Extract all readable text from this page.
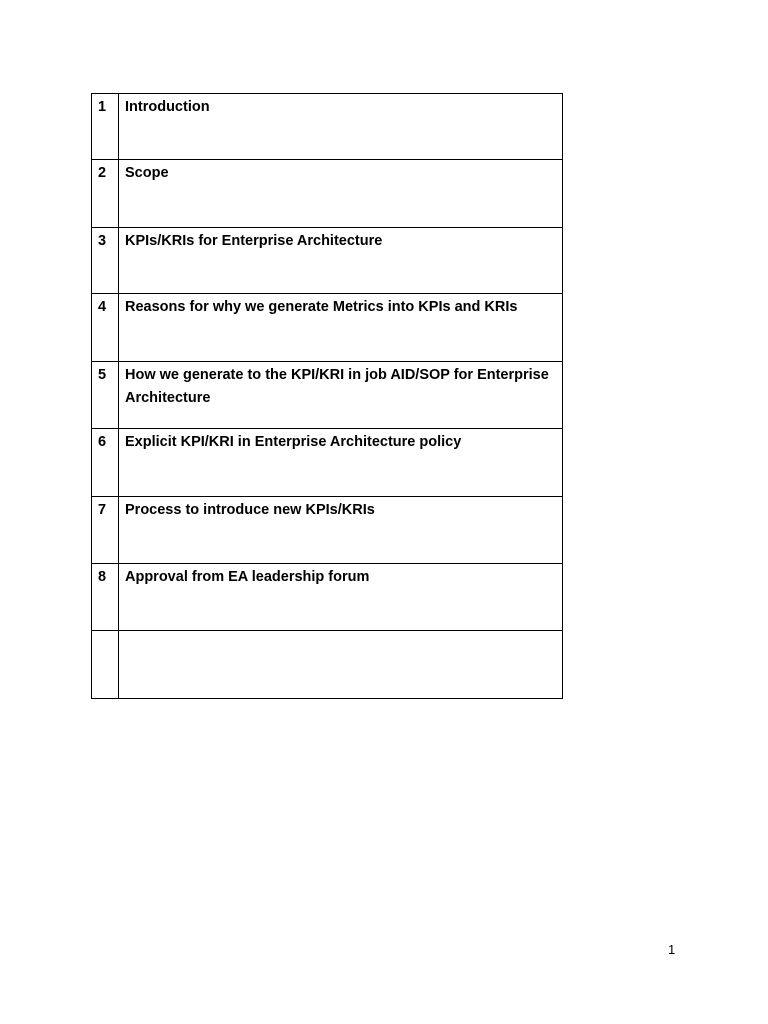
1	Introduction

2	Scope

3	KPIs/KRIs for Enterprise Architecture

4	Reasons for why we generate Metrics into KPIs and KRIs

5	How we generate to the KPI/KRI in job AID/SOP for Enterprise Architecture

6	Explicit KPI/KRI in Enterprise Architecture policy

7	Process to introduce new KPIs/KRIs

8	Approval from EA leadership forum

1
